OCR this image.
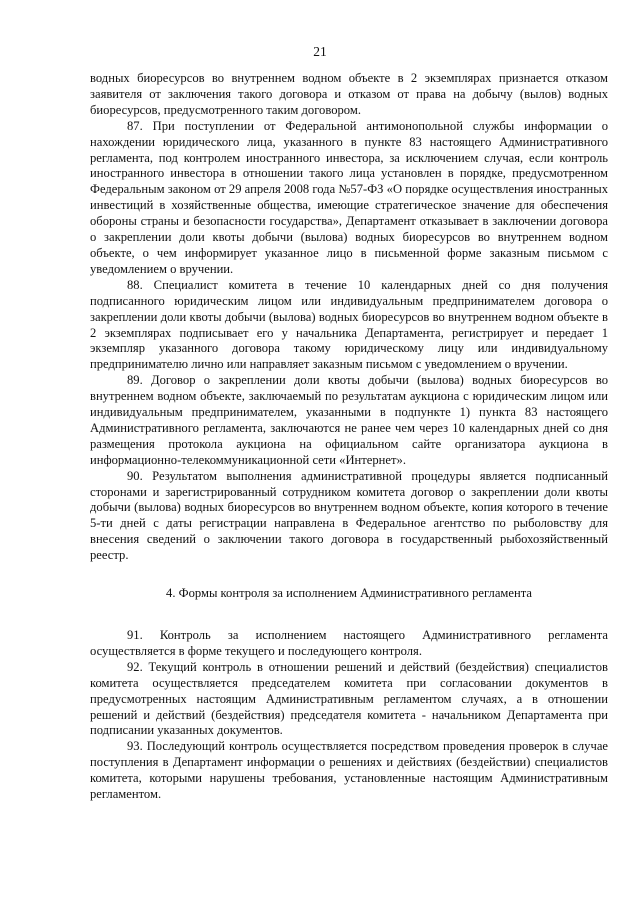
21

водных биоресурсов во внутреннем водном объекте в 2 экземплярах признается отказом заявителя от заключения такого договора и отказом от права на добычу (вылов) водных биоресурсов, предусмотренного таким договором.

87. При поступлении от Федеральной антимонопольной службы информации о нахождении юридического лица, указанного в пункте 83 настоящего Административного регламента, под контролем иностранного инвестора, за исключением случая, если контроль иностранного инвестора в отношении такого лица установлен в порядке, предусмотренном Федеральным законом от 29 апреля 2008 года №57-ФЗ «О порядке осуществления иностранных инвестиций в хозяйственные общества, имеющие стратегическое значение для обеспечения обороны страны и безопасности государства», Департамент отказывает в заключении договора о закреплении доли квоты добычи (вылова) водных биоресурсов во внутреннем водном объекте, о чем информирует указанное лицо в письменной форме заказным письмом с уведомлением о вручении.

88. Специалист комитета в течение 10 календарных дней со дня получения подписанного юридическим лицом или индивидуальным предпринимателем договора о закреплении доли квоты добычи (вылова) водных биоресурсов во внутреннем водном объекте в 2 экземплярах подписывает его у начальника Департамента, регистрирует и передает 1 экземпляр указанного договора такому юридическому лицу или индивидуальному предпринимателю лично или направляет заказным письмом с уведомлением о вручении.

89. Договор о закреплении доли квоты добычи (вылова) водных биоресурсов во внутреннем водном объекте, заключаемый по результатам аукциона с юридическим лицом или индивидуальным предпринимателем, указанными в подпункте 1) пункта 83 настоящего Административного регламента, заключаются не ранее чем через 10 календарных дней со дня размещения протокола аукциона на официальном сайте организатора аукциона в информационно-телекоммуникационной сети «Интернет».

90. Результатом выполнения административной процедуры является подписанный сторонами и зарегистрированный сотрудником комитета договор о закреплении доли квоты добычи (вылова) водных биоресурсов во внутреннем водном объекте, копия которого в течение 5-ти дней с даты регистрации направлена в Федеральное агентство по рыболовству для внесения сведений о заключении такого договора в государственный рыбохозяйственный реестр.

4. Формы контроля за исполнением Административного регламента

91. Контроль за исполнением настоящего Административного регламента осуществляется в форме текущего и последующего контроля.

92. Текущий контроль в отношении решений и действий (бездействия) специалистов комитета осуществляется председателем комитета при согласовании документов в предусмотренных настоящим Административным регламентом случаях, а в отношении решений и действий (бездействия) председателя комитета - начальником Департамента при подписании указанных документов.

93. Последующий контроль осуществляется посредством проведения проверок в случае поступления в Департамент информации о решениях и действиях (бездействии) специалистов комитета, которыми нарушены требования, установленные настоящим Административным регламентом.
